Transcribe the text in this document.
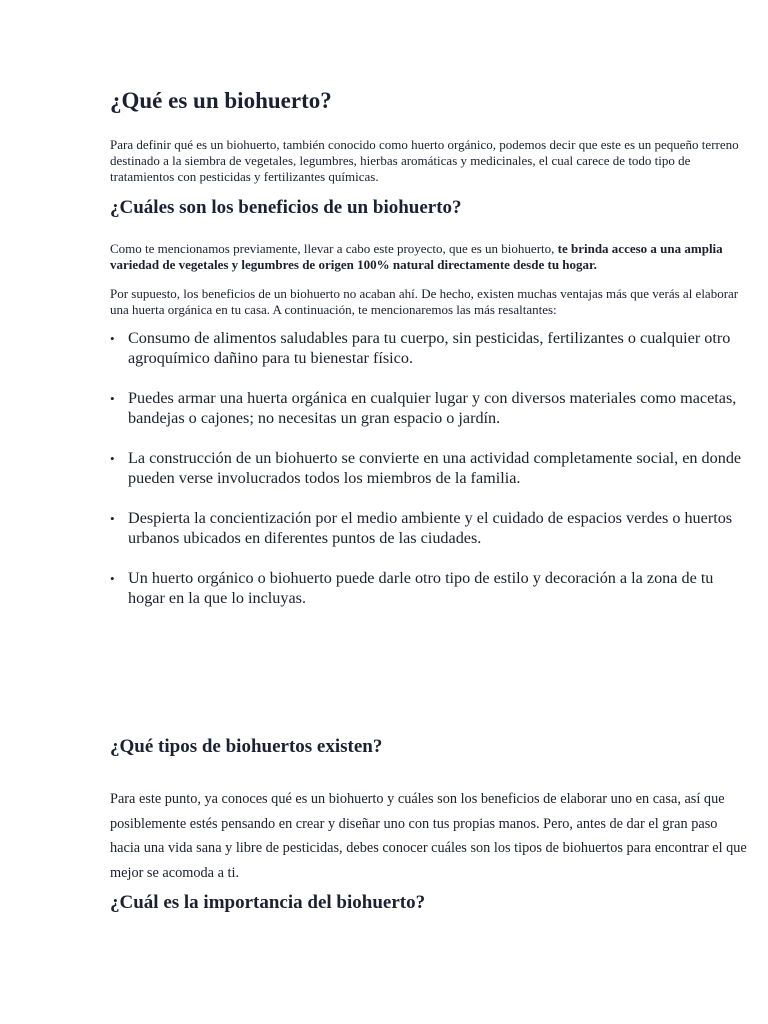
¿Qué es un biohuerto?

Para definir qué es un biohuerto, también conocido como huerto orgánico, podemos decir que este es un pequeño terreno destinado a la siembra de vegetales, legumbres, hierbas aromáticas y medicinales, el cual carece de todo tipo de tratamientos con pesticidas y fertilizantes químicas.

¿Cuáles son los beneficios de un biohuerto?

Como te mencionamos previamente, llevar a cabo este proyecto, que es un biohuerto, te brinda acceso a una amplia variedad de vegetales y legumbres de origen 100% natural directamente desde tu hogar.

Por supuesto, los beneficios de un biohuerto no acaban ahí. De hecho, existen muchas ventajas más que verás al elaborar una huerta orgánica en tu casa. A continuación, te mencionaremos las más resaltantes:

• Consumo de alimentos saludables para tu cuerpo, sin pesticidas, fertilizantes o cualquier otro agroquímico dañino para tu bienestar físico.
• Puedes armar una huerta orgánica en cualquier lugar y con diversos materiales como macetas, bandejas o cajones; no necesitas un gran espacio o jardín.
• La construcción de un biohuerto se convierte en una actividad completamente social, en donde pueden verse involucrados todos los miembros de la familia.
• Despierta la concientización por el medio ambiente y el cuidado de espacios verdes o huertos urbanos ubicados en diferentes puntos de las ciudades.
• Un huerto orgánico o biohuerto puede darle otro tipo de estilo y decoración a la zona de tu hogar en la que lo incluyas.
¿Qué tipos de biohuertos existen?

Para este punto, ya conoces qué es un biohuerto y cuáles son los beneficios de elaborar uno en casa, así que posiblemente estés pensando en crear y diseñar uno con tus propias manos. Pero, antes de dar el gran paso hacia una vida sana y libre de pesticidas, debes conocer cuáles son los tipos de biohuertos para encontrar el que mejor se acomoda a ti.

¿Cuál es la importancia del biohuerto?
